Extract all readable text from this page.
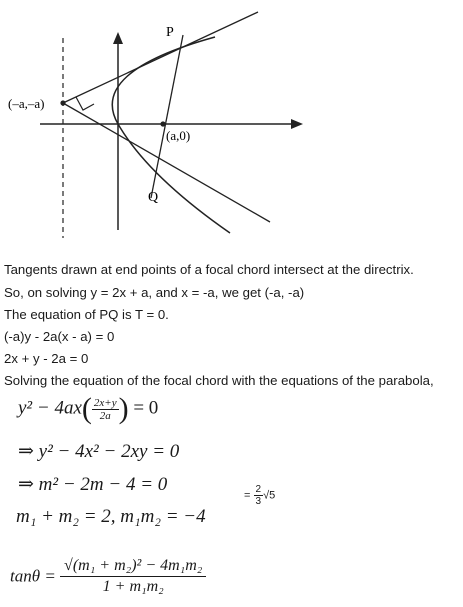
(–a,–a)
(a,0)
P
Q
Tangents drawn at end points of a focal chord intersect at the directrix.
So, on solving y = 2x + a, and x = -a, we get (-a, -a)
The equation of PQ is T = 0.
(-a)y - 2a(x - a) = 0
2x + y - 2a = 0
Solving the equation of the focal chord with the equations of the parabola,
$y^2 - 4ax( \frac{2x+y}{2a}$ ) = 0
⇒ y² − 4x² − 2xy = 0
⇒ m² − 2m − 4 = 0
m₁ + m₂ = 2, m₁m₂ = −4
= $\frac{2}{3} √5$
$\tan\theta = \frac{\text{√(m₁ + m₂)² − 4m₁m₂}}{\text{1 + m₁m₂}}$
